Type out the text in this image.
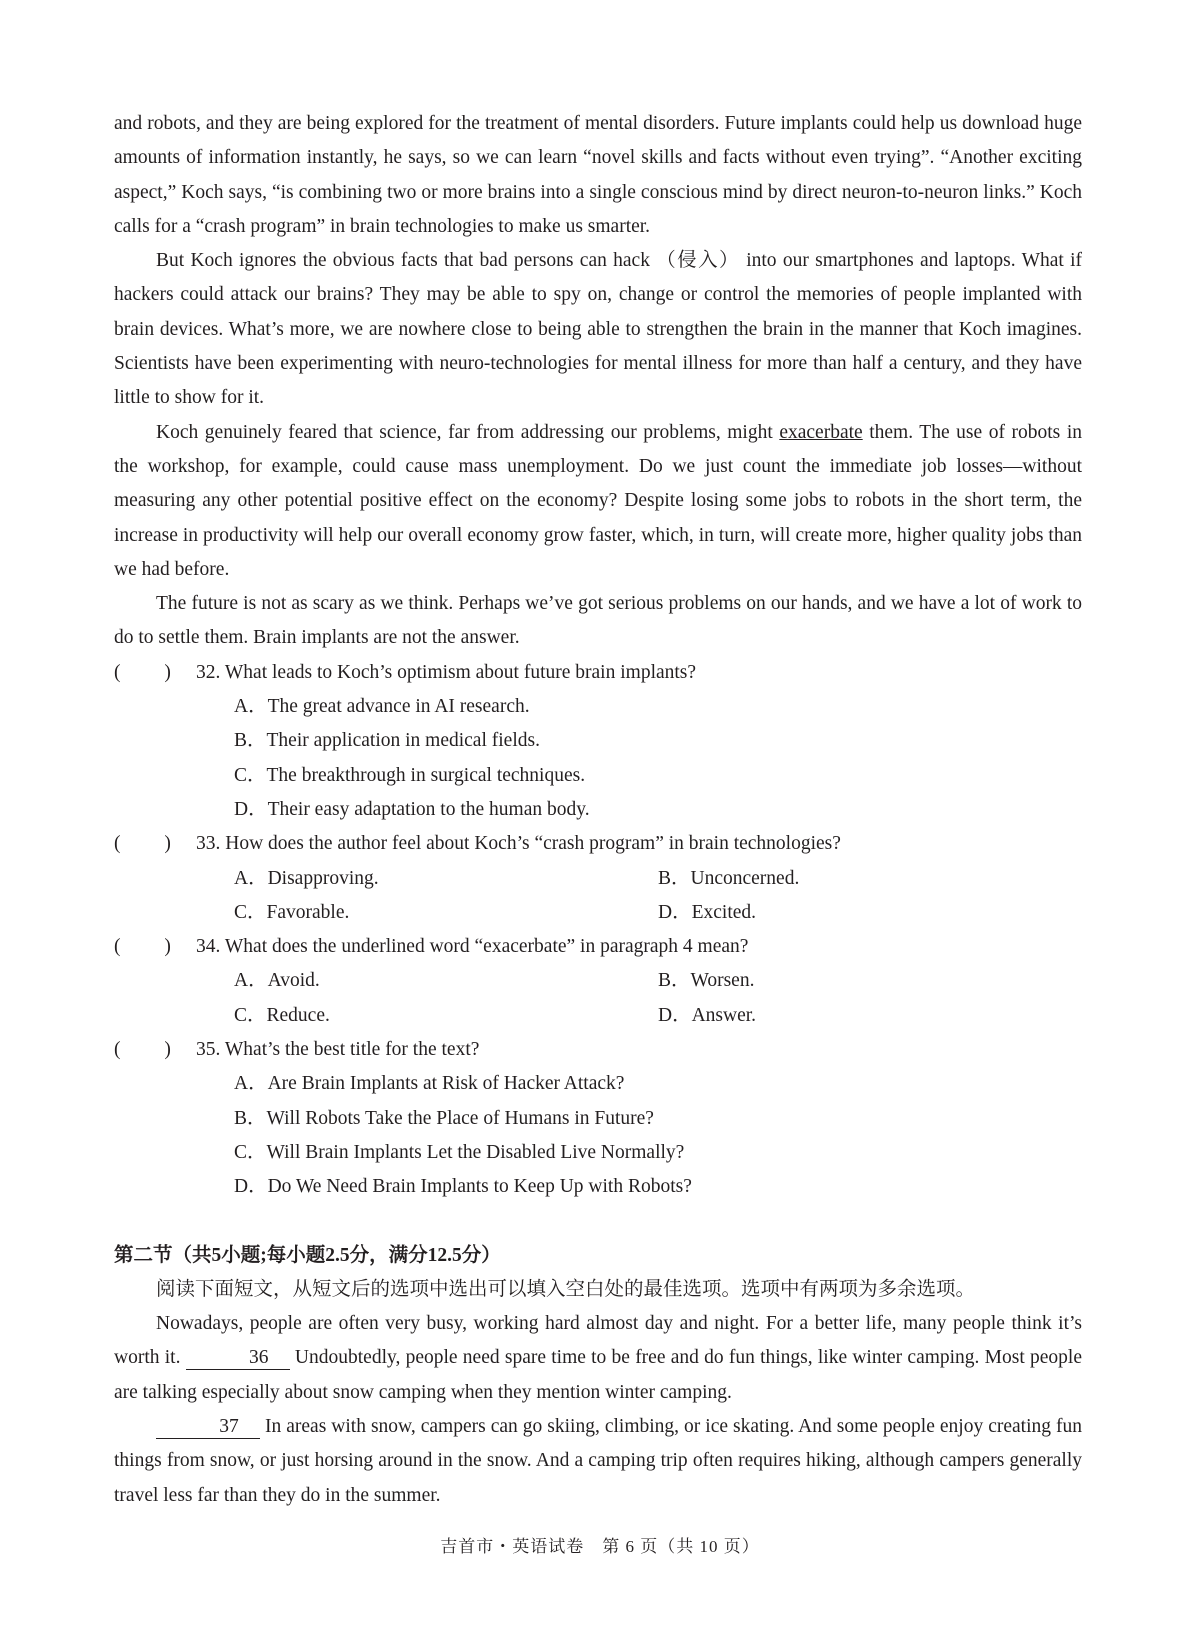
and robots, and they are being explored for the treatment of mental disorders. Future implants could help us download huge amounts of information instantly, he says, so we can learn “novel skills and facts without even trying”. “Another exciting aspect,” Koch says, “is combining two or more brains into a single conscious mind by direct neuron-to-neuron links.” Koch calls for a “crash program” in brain technologies to make us smarter.

But Koch ignores the obvious facts that bad persons can hack （侵入） into our smartphones and laptops. What if hackers could attack our brains? They may be able to spy on, change or control the memories of people implanted with brain devices. What’s more, we are nowhere close to being able to strengthen the brain in the manner that Koch imagines. Scientists have been experimenting with neuro-technologies for mental illness for more than half a century, and they have little to show for it.

Koch genuinely feared that science, far from addressing our problems, might exacerbate them. The use of robots in the workshop, for example, could cause mass unemployment. Do we just count the immediate job losses—without measuring any other potential positive effect on the economy? Despite losing some jobs to robots in the short term, the increase in productivity will help our overall economy grow faster, which, in turn, will create more, higher quality jobs than we had before.

The future is not as scary as we think. Perhaps we’ve got serious problems on our hands, and we have a lot of work to do to settle them. Brain implants are not the answer.

(         )	32. What leads to Koch’s optimism about future brain implants?
A．The great advance in AI research.
B．Their application in medical fields.
C．The breakthrough in surgical techniques.
D．Their easy adaptation to the human body.
(         )	33. How does the author feel about Koch’s “crash program” in brain technologies?
A．Disapproving.	B．Unconcerned.
C．Favorable.	D．Excited.
(         )	34. What does the underlined word “exacerbate” in paragraph 4 mean?
A．Avoid.	B．Worsen.
C．Reduce.	D．Answer.
(         )	35. What’s the best title for the text?
A．Are Brain Implants at Risk of Hacker Attack?
B．Will Robots Take the Place of Humans in Future?
C．Will Brain Implants Let the Disabled Live Normally?
D．Do We Need Brain Implants to Keep Up with Robots?
第二节（共5小题;每小题2.5分，满分12.5分）

阅读下面短文，从短文后的选项中选出可以填入空白处的最佳选项。选项中有两项为多余选项。

Nowadays, people are often very busy, working hard almost day and night. For a better life, many people think it’s worth it.	36 Undoubtedly, people need spare time to be free and do fun things, like winter camping. Most people are talking especially about snow camping when they mention winter camping.

37 In areas with snow, campers can go skiing, climbing, or ice skating. And some people enjoy creating fun things from snow, or just horsing around in the snow. And a camping trip often requires hiking, although campers generally travel less far than they do in the summer.

吉首市・英语试卷　第 6 页（共 10 页）
